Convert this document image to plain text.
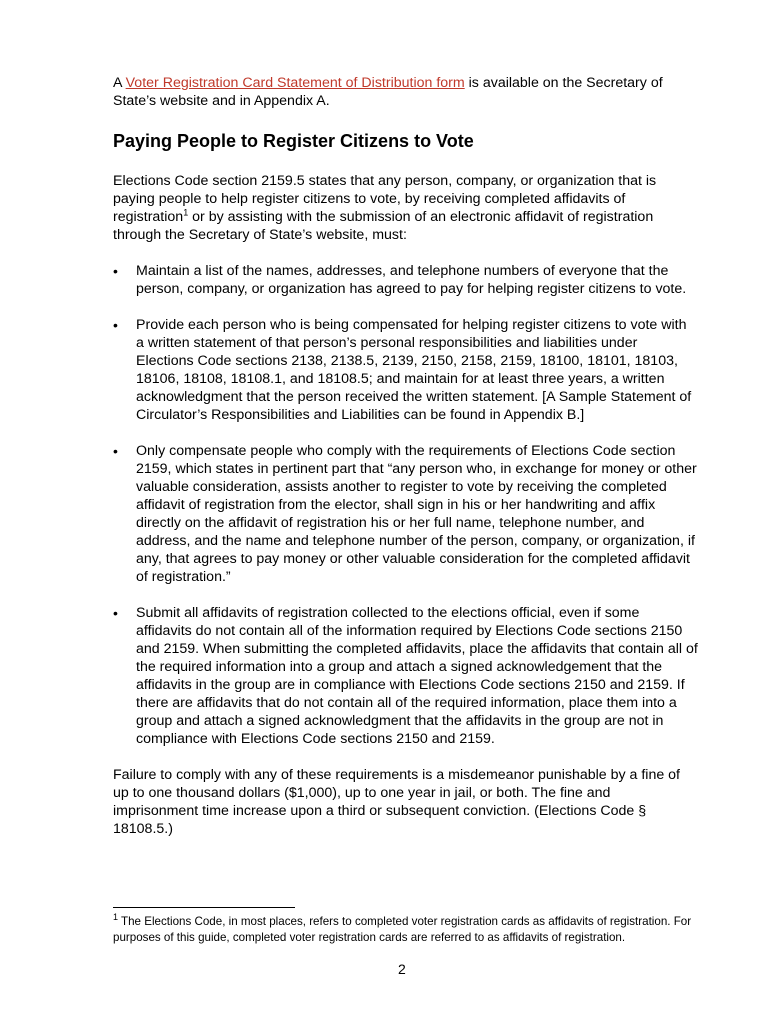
A Voter Registration Card Statement of Distribution form is available on the Secretary of State’s website and in Appendix A.

Paying People to Register Citizens to Vote

Elections Code section 2159.5 states that any person, company, or organization that is paying people to help register citizens to vote, by receiving completed affidavits of registration$^1$ or by assisting with the submission of an electronic affidavit of registration through the Secretary of State’s website, must:

• Maintain a list of the names, addresses, and telephone numbers of everyone that the person, company, or organization has agreed to pay for helping register citizens to vote.
• Provide each person who is being compensated for helping register citizens to vote with a written statement of that person’s personal responsibilities and liabilities under Elections Code sections 2138, 2138.5, 2139, 2150, 2158, 2159, 18100, 18101, 18103, 18106, 18108, 18108.1, and 18108.5; and maintain for at least three years, a written acknowledgment that the person received the written statement. [A Sample Statement of Circulator’s Responsibilities and Liabilities can be found in Appendix B.]
• Only compensate people who comply with the requirements of Elections Code section 2159, which states in pertinent part that “any person who, in exchange for money or other valuable consideration, assists another to register to vote by receiving the completed affidavit of registration from the elector, shall sign in his or her handwriting and affix directly on the affidavit of registration his or her full name, telephone number, and address, and the name and telephone number of the person, company, or organization, if any, that agrees to pay money or other valuable consideration for the completed affidavit of registration.”
• Submit all affidavits of registration collected to the elections official, even if some affidavits do not contain all of the information required by Elections Code sections 2150 and 2159. When submitting the completed affidavits, place the affidavits that contain all of the required information into a group and attach a signed acknowledgement that the affidavits in the group are in compliance with Elections Code sections 2150 and 2159. If there are affidavits that do not contain all of the required information, place them into a group and attach a signed acknowledgment that the affidavits in the group are not in compliance with Elections Code sections 2150 and 2159.

Failure to comply with any of these requirements is a misdemeanor punishable by a fine of up to one thousand dollars ($1,000), up to one year in jail, or both. The fine and imprisonment time increase upon a third or subsequent conviction. (Elections Code § 18108.5.)

$^1$ The Elections Code, in most places, refers to completed voter registration cards as affidavits of registration. For purposes of this guide, completed voter registration cards are referred to as affidavits of registration.

2
